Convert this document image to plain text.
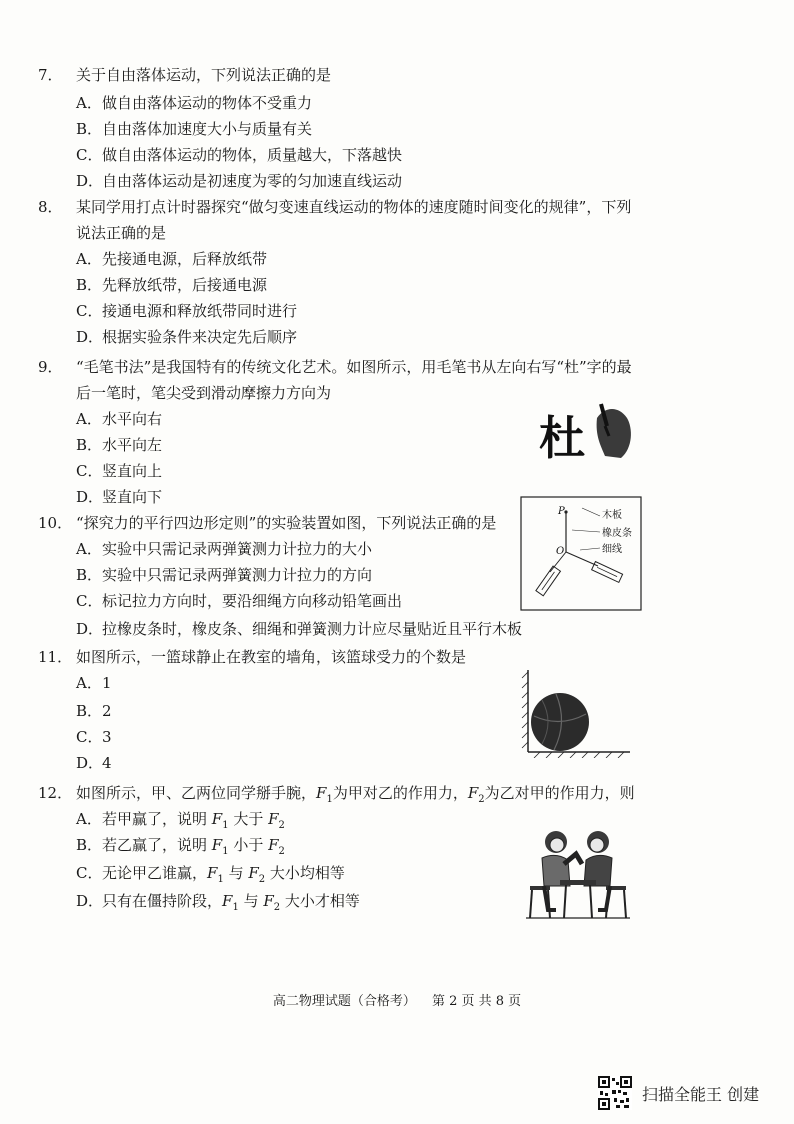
7． 关于自由落体运动，下列说法正确的是
A．做自由落体运动的物体不受重力
B．自由落体加速度大小与质量有关
C．做自由落体运动的物体，质量越大，下落越快
D．自由落体运动是初速度为零的匀加速直线运动
8． 某同学用打点计时器探究“做匀变速直线运动的物体的速度随时间变化的规律”，下列
说法正确的是
A．先接通电源，后释放纸带
B．先释放纸带，后接通电源
C．接通电源和释放纸带同时进行
D．根据实验条件来决定先后顺序
9． “毛笔书法”是我国特有的传统文化艺术。如图所示，用毛笔书从左向右写“杜”字的最
后一笔时，笔尖受到滑动摩擦力方向为
A．水平向右
B．水平向左
C．竖直向上
D．竖直向下
杜
10． “探究力的平行四边形定则”的实验装置如图，下列说法正确的是
A．实验中只需记录两弹簧测力计拉力的大小
B．实验中只需记录两弹簧测力计拉力的方向
C．标记拉力方向时，要沿细绳方向移动铅笔画出
D．拉橡皮条时，橡皮条、细绳和弹簧测力计应尽量贴近且平行木板
P
O
木板
橡皮条
细线
11． 如图所示，一篮球静止在教室的墙角，该篮球受力的个数是
A．1
B．2
C．3
D．4
12． 如图所示，甲、乙两位同学掰手腕，$F_1$为甲对乙的作用力，$F_2$为乙对甲的作用力，则
A．若甲赢了，说明 $F_1$ 大于 $F_2$
B．若乙赢了，说明 $F_1$ 小于 $F_2$
C．无论甲乙谁赢，$F_1$ 与 $F_2$ 大小均相等
D．只有在僵持阶段，$F_1$ 与 $F_2$ 大小才相等
高二物理试题（合格考） 第 2 页 共 8 页
扫描全能王 创建
